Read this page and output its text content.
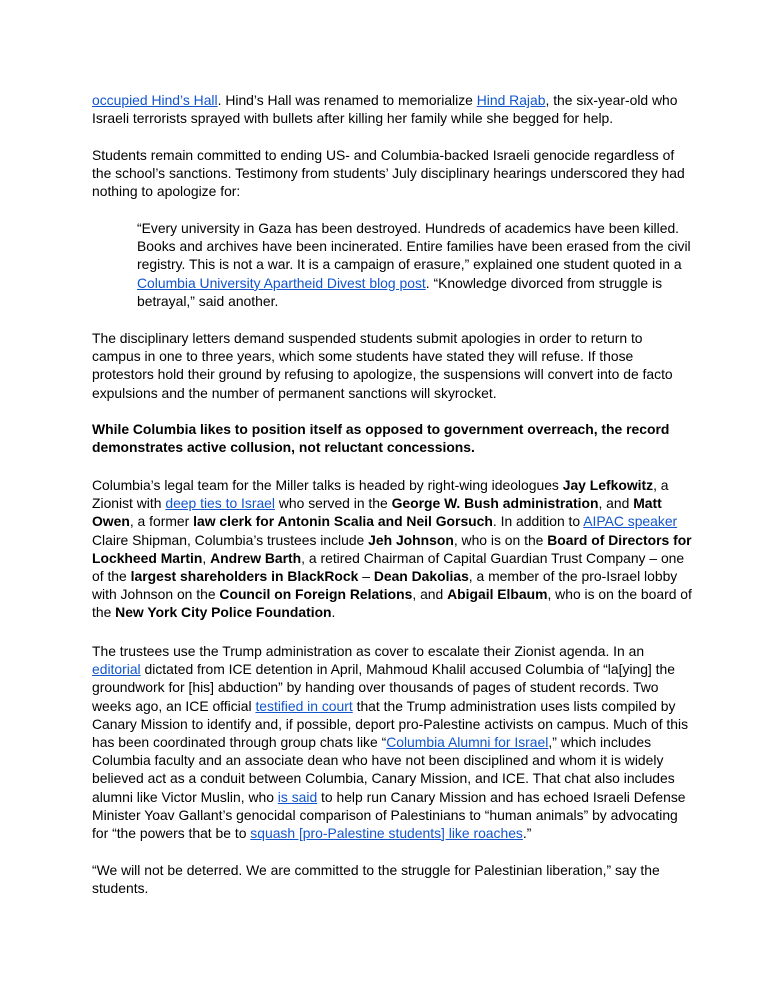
occupied Hind’s Hall. Hind’s Hall was renamed to memorialize Hind Rajab, the six-year-old who Israeli terrorists sprayed with bullets after killing her family while she begged for help.

Students remain committed to ending US- and Columbia-backed Israeli genocide regardless of the school’s sanctions. Testimony from students’ July disciplinary hearings underscored they had nothing to apologize for:

“Every university in Gaza has been destroyed. Hundreds of academics have been killed. Books and archives have been incinerated. Entire families have been erased from the civil registry. This is not a war. It is a campaign of erasure,” explained one student quoted in a Columbia University Apartheid Divest blog post. “Knowledge divorced from struggle is betrayal,” said another.

The disciplinary letters demand suspended students submit apologies in order to return to campus in one to three years, which some students have stated they will refuse. If those protestors hold their ground by refusing to apologize, the suspensions will convert into de facto expulsions and the number of permanent sanctions will skyrocket.

While Columbia likes to position itself as opposed to government overreach, the record demonstrates active collusion, not reluctant concessions.

Columbia’s legal team for the Miller talks is headed by right-wing ideologues Jay Lefkowitz, a Zionist with deep ties to Israel who served in the George W. Bush administration, and Matt Owen, a former law clerk for Antonin Scalia and Neil Gorsuch. In addition to AIPAC speaker Claire Shipman, Columbia’s trustees include Jeh Johnson, who is on the Board of Directors for Lockheed Martin, Andrew Barth, a retired Chairman of Capital Guardian Trust Company – one of the largest shareholders in BlackRock – Dean Dakolias, a member of the pro-Israel lobby with Johnson on the Council on Foreign Relations, and Abigail Elbaum, who is on the board of the New York City Police Foundation.

The trustees use the Trump administration as cover to escalate their Zionist agenda. In an editorial dictated from ICE detention in April, Mahmoud Khalil accused Columbia of “la[ying] the groundwork for [his] abduction” by handing over thousands of pages of student records. Two weeks ago, an ICE official testified in court that the Trump administration uses lists compiled by Canary Mission to identify and, if possible, deport pro-Palestine activists on campus. Much of this has been coordinated through group chats like “Columbia Alumni for Israel,” which includes Columbia faculty and an associate dean who have not been disciplined and whom it is widely believed act as a conduit between Columbia, Canary Mission, and ICE. That chat also includes alumni like Victor Muslin, who is said to help run Canary Mission and has echoed Israeli Defense Minister Yoav Gallant’s genocidal comparison of Palestinians to “human animals” by advocating for “the powers that be to squash [pro-Palestine students] like roaches.”

“We will not be deterred. We are committed to the struggle for Palestinian liberation,” say the students.
